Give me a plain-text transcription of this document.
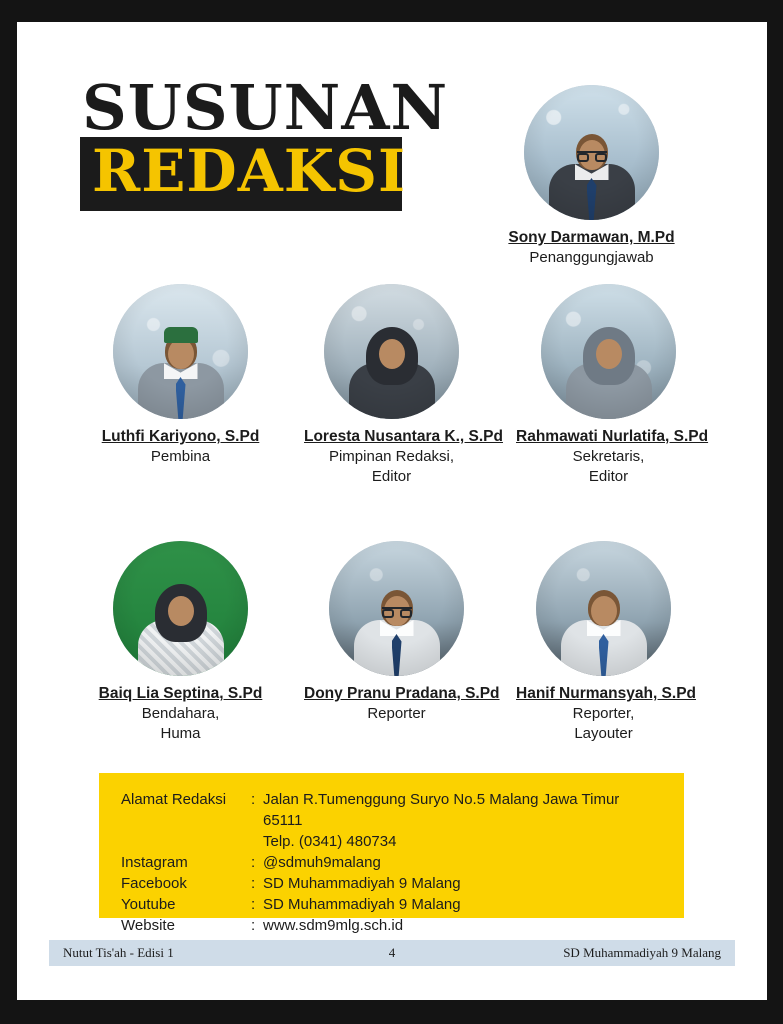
SUSUNAN
REDAKSI
Sony Darmawan, M.Pd
Penanggungjawab
Luthfi Kariyono, S.Pd
Pembina
Loresta Nusantara K., S.Pd
Pimpinan Redaksi,
Editor
Rahmawati Nurlatifa, S.Pd
Sekretaris,
Editor
Baiq Lia Septina, S.Pd
Bendahara,
Huma
Dony Pranu Pradana, S.Pd
Reporter
Hanif Nurmansyah, S.Pd
Reporter,
Layouter
Alamat Redaksi	: Jalan R.Tumenggung Suryo No.5 Malang Jawa Timur 65111
Telp. (0341) 480734
Instagram	: @sdmuh9malang
Facebook	: SD Muhammadiyah 9 Malang
Youtube	: SD Muhammadiyah 9 Malang
Website	: www.sdm9mlg.sch.id
Nutut Tis'ah - Edisi 1	4	SD Muhammadiyah 9 Malang
